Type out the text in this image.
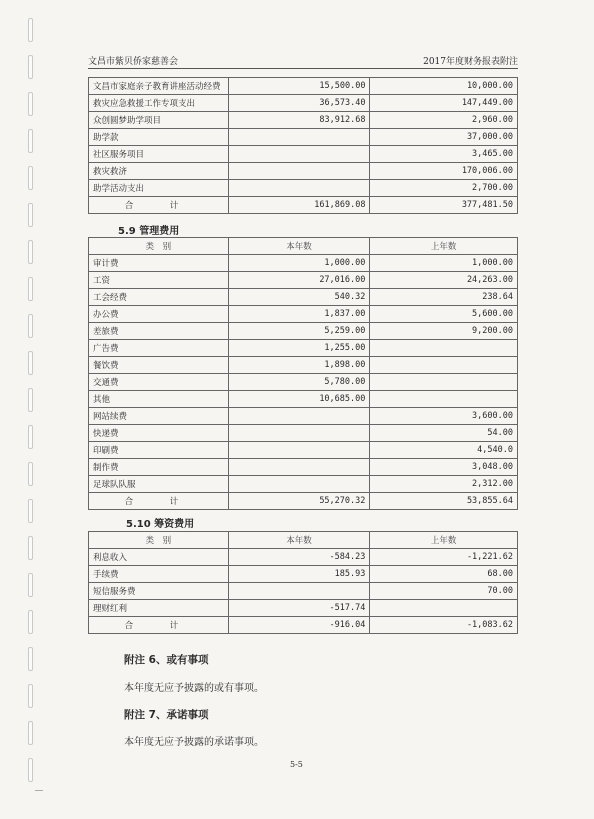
文昌市紫贝侨家慈善会	2017年度财务报表附注
文昌市家庭亲子教育讲座活动经费	15,500.00	10,000.00
救灾应急救援工作专项支出	36,573.40	147,449.00
众创圆梦助学项目	83,912.68	2,960.00
助学款		37,000.00
社区服务项目		3,465.00
救灾救济		170,006.00
助学活动支出		2,700.00
合　计	161,869.08	377,481.50
5.9 管理费用
类　别	本年数	上年数
审计费	1,000.00	1,000.00
工资	27,016.00	24,263.00
工会经费	540.32	238.64
办公费	1,837.00	5,600.00
差旅费	5,259.00	9,200.00
广告费	1,255.00	
餐饮费	1,898.00	
交通费	5,780.00	
其他	10,685.00	
网站续费		3,600.00
快递费		54.00
印刷费		4,540.0
制作费		3,048.00
足球队队服		2,312.00
合　计	55,270.32	53,855.64
5.10 筹资费用
类　别	本年数	上年数
利息收入	-584.23	-1,221.62
手续费	185.93	68.00
短信服务费		70.00
理财红利	-517.74	
合　计	-916.04	-1,083.62
附注 6、或有事项
本年度无应予披露的或有事项。
附注 7、承诺事项
本年度无应予披露的承诺事项。
5-5
